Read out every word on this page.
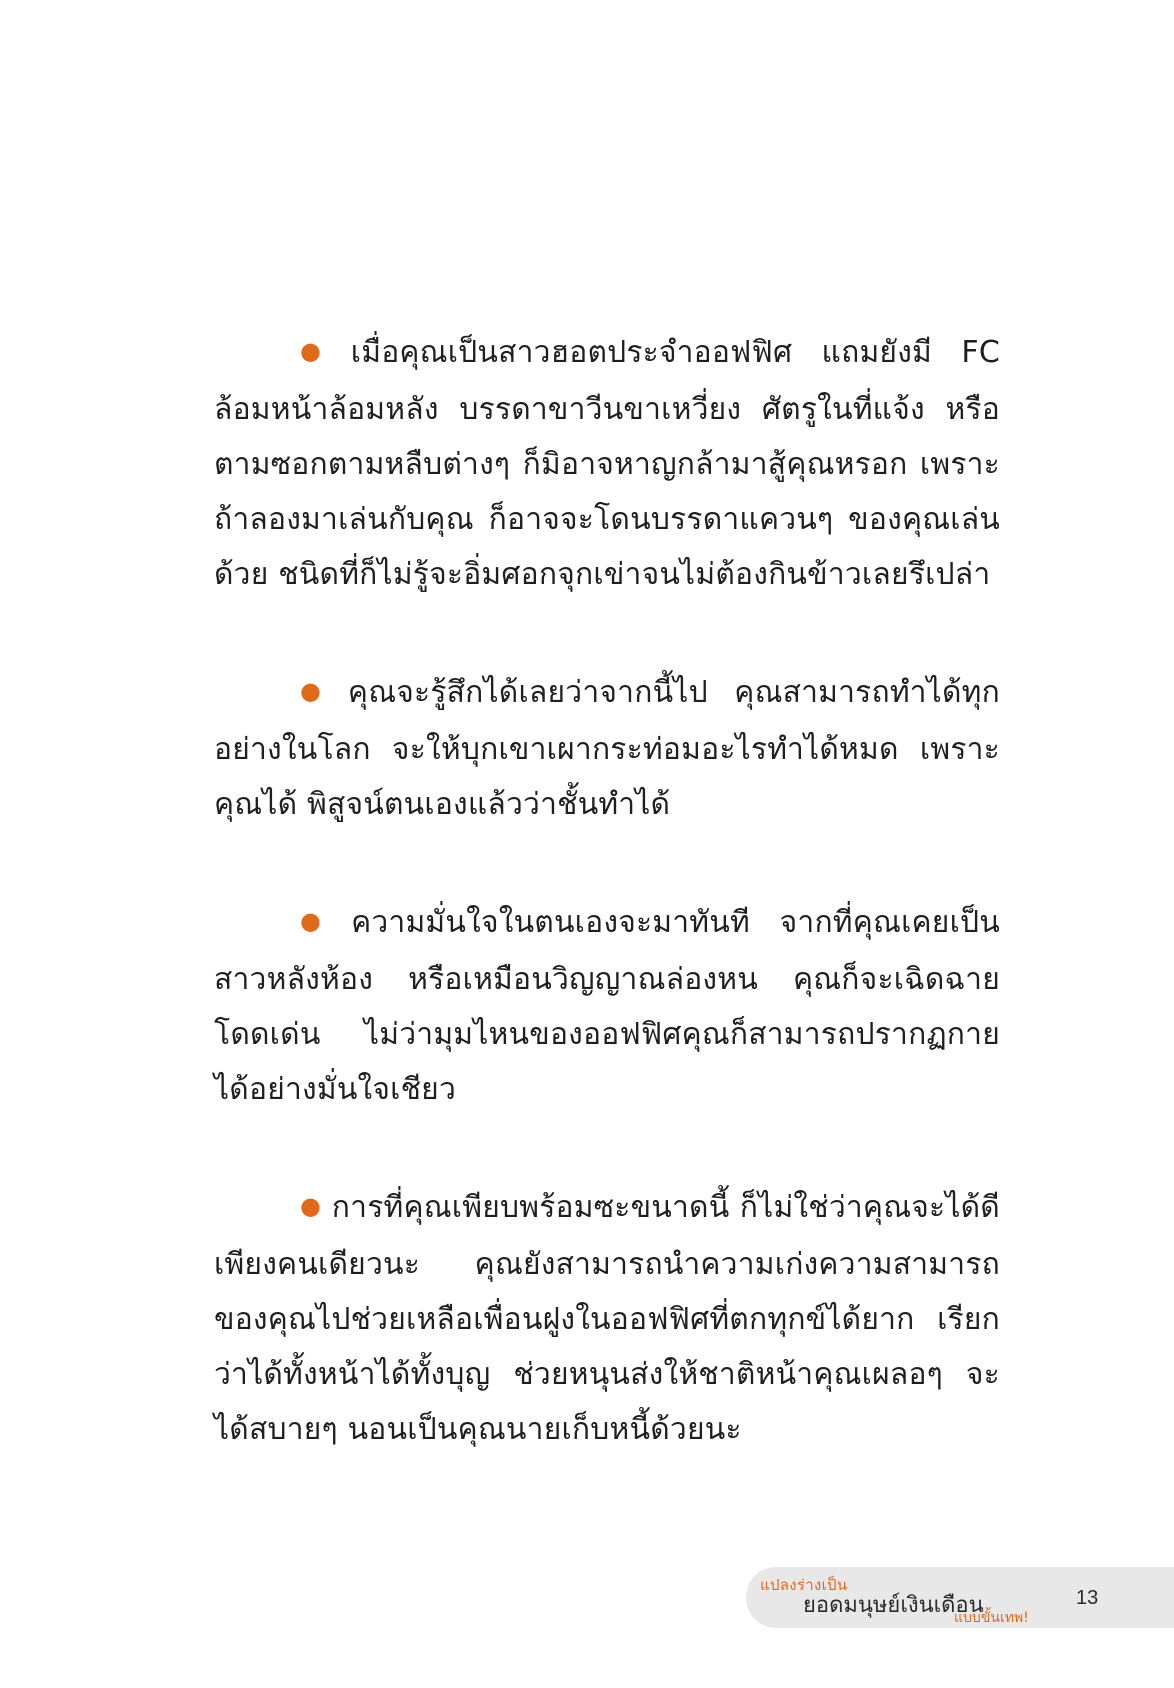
● เมื่อคุณเป็นสาวฮอตประจำออฟฟิศ แถมยังมี FC ล้อมหน้าล้อมหลัง บรรดาขาวีนขาเหวี่ยง ศัตรูในที่แจ้ง หรือตามซอกตามหลืบต่างๆ ก็มิอาจหาญกล้ามาสู้คุณหรอก เพราะถ้าลองมาเล่นกับคุณ ก็อาจจะโดนบรรดาแควนๆ ของคุณเล่นด้วย ชนิดที่ก็ไม่รู้จะอิ่มศอกจุกเข่าจนไม่ต้องกินข้าวเลยรึเปล่า

● คุณจะรู้สึกได้เลยว่าจากนี้ไป คุณสามารถทำได้ทุกอย่างในโลก จะให้บุกเขาเผากระท่อมอะไรทำได้หมด เพราะคุณได้ พิสูจน์ตนเองแล้วว่าชั้นทำได้

● ความมั่นใจในตนเองจะมาทันที จากที่คุณเคยเป็นสาวหลังห้อง หรือเหมือนวิญญาณล่องหน คุณก็จะเฉิดฉายโดดเด่น ไม่ว่ามุมไหนของออฟฟิศคุณก็สามารถปรากฏกายได้อย่างมั่นใจเชียว

● การที่คุณเพียบพร้อมซะขนาดนี้ ก็ไม่ใช่ว่าคุณจะได้ดีเพียงคนเดียวนะ คุณยังสามารถนำความเก่งความสามารถของคุณไปช่วยเหลือเพื่อนฝูงในออฟฟิศที่ตกทุกข์ได้ยาก เรียกว่าได้ทั้งหน้าได้ทั้งบุญ ช่วยหนุนส่งให้ชาติหน้าคุณเผลอๆ จะได้สบายๆ นอนเป็นคุณนายเก็บหนี้ด้วยนะ

แปลงร่างเป็น
ยอดมนุษย์เงินเดือน
แบบขั้นเทพ!
13
